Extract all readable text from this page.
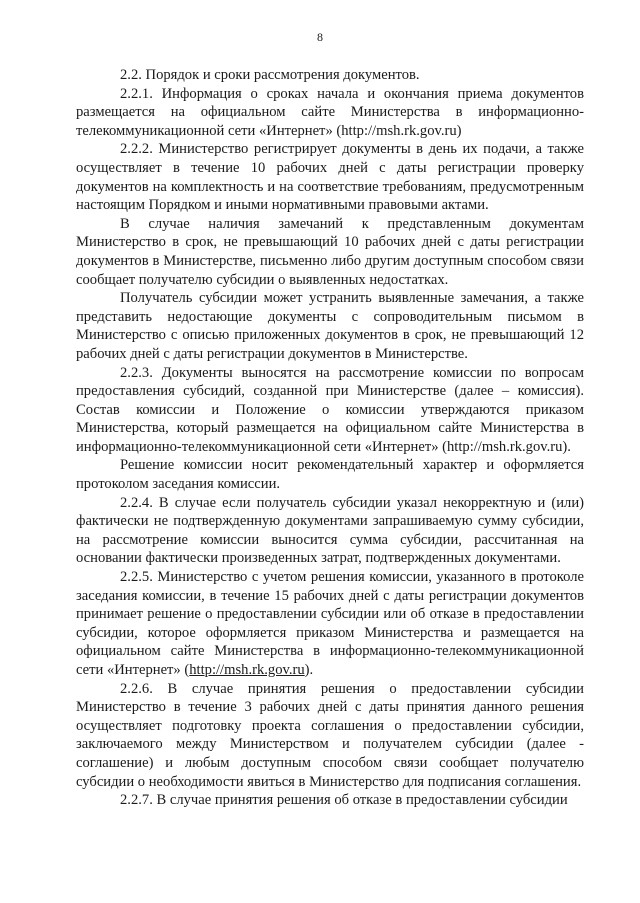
8

2.2. Порядок и сроки рассмотрения документов.

2.2.1. Информация о сроках начала и окончания приема документов размещается на официальном сайте Министерства в информационно-телекоммуникационной сети «Интернет» (http://msh.rk.gov.ru)

2.2.2. Министерство регистрирует документы в день их подачи, а также осуществляет в течение 10 рабочих дней с даты регистрации проверку документов на комплектность и на соответствие требованиям, предусмотренным настоящим Порядком и иными нормативными правовыми актами.

В случае наличия замечаний к представленным документам Министерство в срок, не превышающий 10 рабочих дней с даты регистрации документов в Министерстве, письменно либо другим доступным способом связи сообщает получателю субсидии о выявленных недостатках.

Получатель субсидии может устранить выявленные замечания, а также представить недостающие документы с сопроводительным письмом в Министерство с описью приложенных документов в срок, не превышающий 12 рабочих дней с даты регистрации документов в Министерстве.

2.2.3. Документы выносятся на рассмотрение комиссии по вопросам предоставления субсидий, созданной при Министерстве (далее – комиссия). Состав комиссии и Положение о комиссии утверждаются приказом Министерства, который размещается на официальном сайте Министерства в информационно-телекоммуникационной сети «Интернет» (http://msh.rk.gov.ru).

Решение комиссии носит рекомендательный характер и оформляется протоколом заседания комиссии.

2.2.4. В случае если получатель субсидии указал некорректную и (или) фактически не подтвержденную документами запрашиваемую сумму субсидии, на рассмотрение комиссии выносится сумма субсидии, рассчитанная на основании фактически произведенных затрат, подтвержденных документами.

2.2.5. Министерство с учетом решения комиссии, указанного в протоколе заседания комиссии, в течение 15 рабочих дней с даты регистрации документов принимает решение о предоставлении субсидии или об отказе в предоставлении субсидии, которое оформляется приказом Министерства и размещается на официальном сайте Министерства в информационно-телекоммуникационной сети «Интернет» (http://msh.rk.gov.ru).

2.2.6. В случае принятия решения о предоставлении субсидии Министерство в течение 3 рабочих дней с даты принятия данного решения осуществляет подготовку проекта соглашения о предоставлении субсидии, заключаемого между Министерством и получателем субсидии (далее - соглашение) и любым доступным способом связи сообщает получателю субсидии о необходимости явиться в Министерство для подписания соглашения.

2.2.7. В случае принятия решения об отказе в предоставлении субсидии
